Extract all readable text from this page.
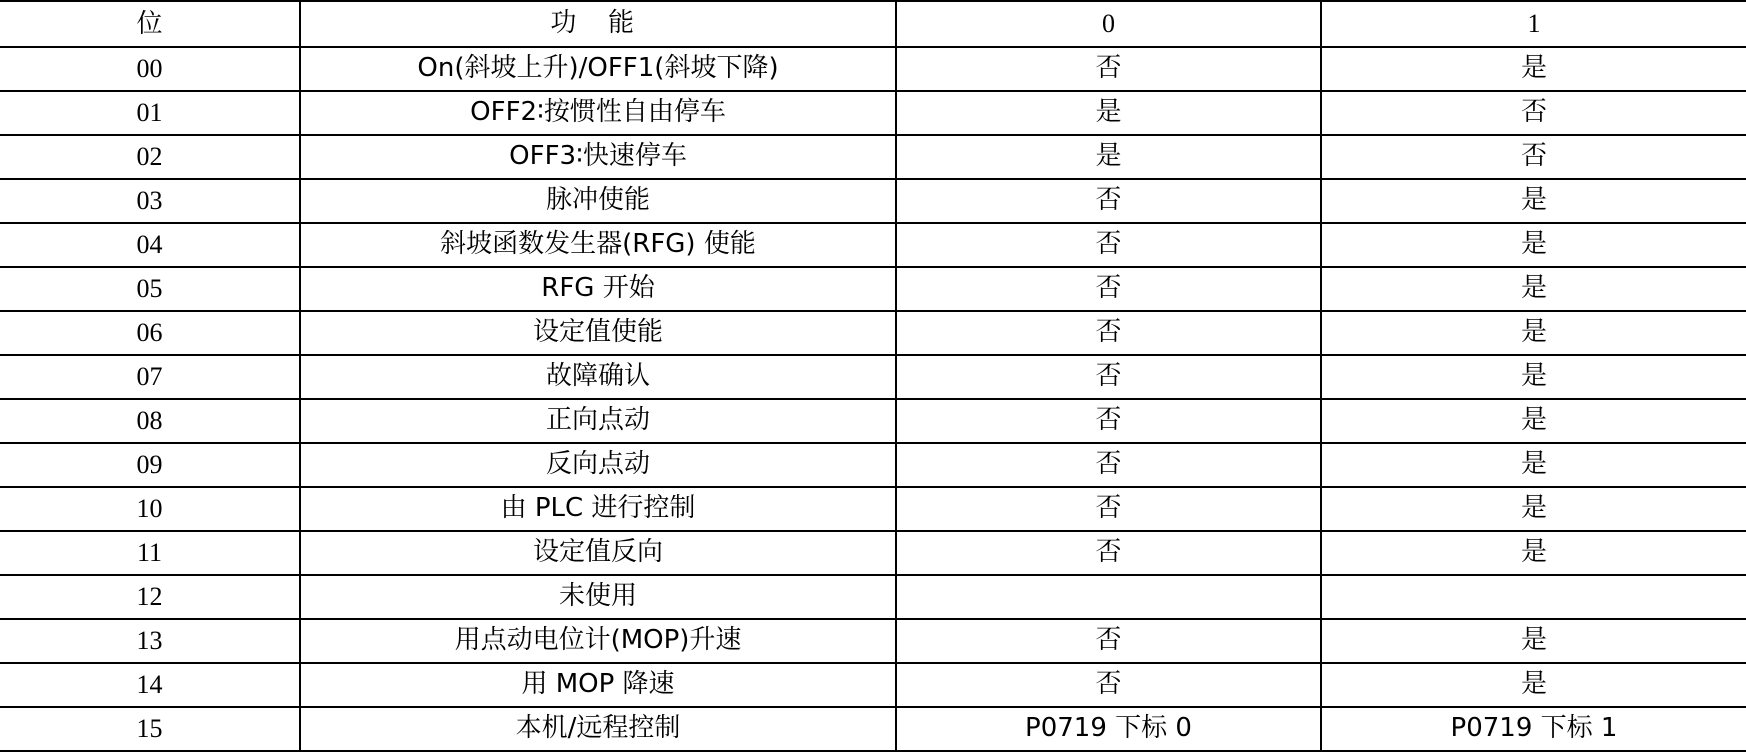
位	功 能	0	1
00	On(斜坡上升)/OFF1(斜坡下降)	否	是
01	OFF2∶按惯性自由停车	是	否
02	OFF3∶快速停车	是	否
03	脉冲使能	否	是
04	斜坡函数发生器(RFG) 使能	否	是
05	RFG 开始	否	是
06	设定值使能	否	是
07	故障确认	否	是
08	正向点动	否	是
09	反向点动	否	是
10	由 PLC 进行控制	否	是
11	设定值反向	否	是
12	未使用		
13	用点动电位计(MOP)升速	否	是
14	用 MOP 降速	否	是
15	本机/远程控制	P0719 下标 0	P0719 下标 1
